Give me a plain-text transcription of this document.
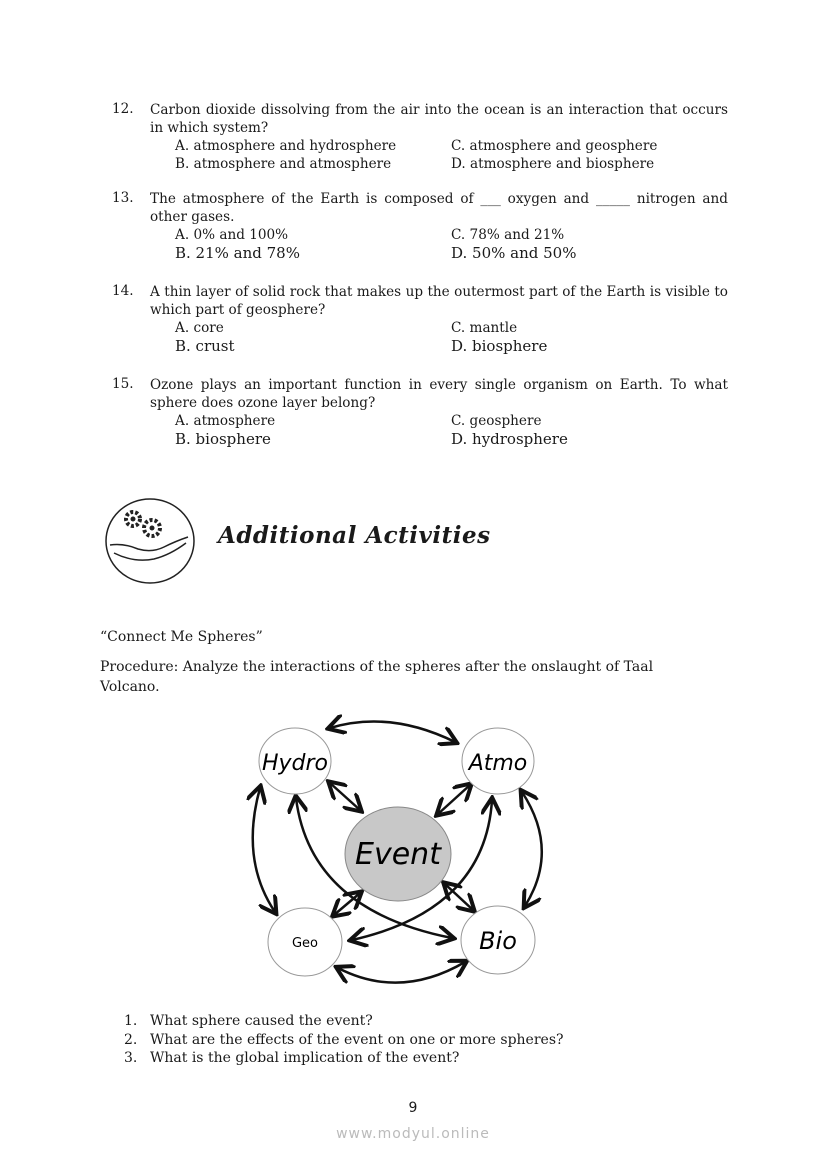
12. Carbon dioxide dissolving from the air into the ocean is an interaction that occurs in which system?
A. atmosphere and hydrosphere	C. atmosphere and geosphere
B. atmosphere and atmosphere	D. atmosphere and biosphere
13. The atmosphere of the Earth is composed of ___ oxygen and _____ nitrogen and other gases.
A. 0% and 100%	C. 78% and 21%
B. 21% and 78%	D. 50% and 50%
14. A thin layer of solid rock that makes up the outermost part of the Earth is visible to which part of geosphere?
A. core	C. mantle
B. crust	D. biosphere
15. Ozone plays an important function in every single organism on Earth. To what sphere does ozone layer belong?
A. atmosphere	C. geosphere
B. biosphere	D. hydrosphere
Additional Activities
“Connect Me Spheres”
Procedure: Analyze the interactions of the spheres after the onslaught of Taal Volcano.
Hydro	Atmo
Geo	Bio
Event
1. What sphere caused the event?
2. What are the effects of the event on one or more spheres?
3. What is the global implication of the event?
9
www.modyul.online
